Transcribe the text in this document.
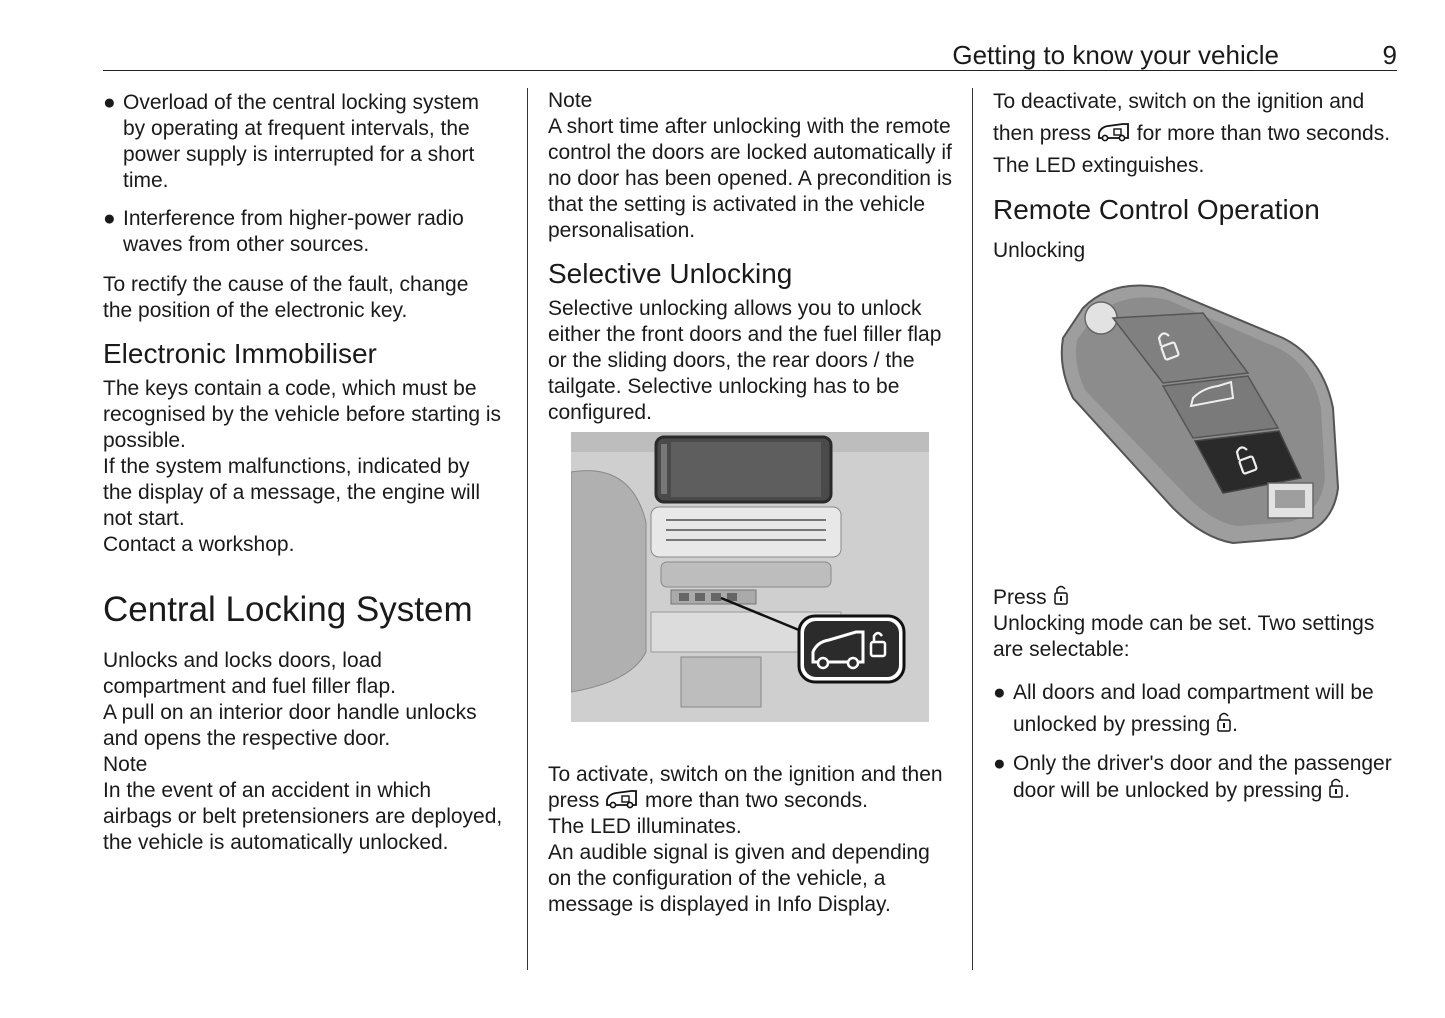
Getting to know your vehicle	9
● Overload of the central locking system by operating at frequent intervals, the power supply is interrupted for a short time.
● Interference from higher-power radio waves from other sources.

To rectify the cause of the fault, change the position of the electronic key.

Electronic Immobiliser

The keys contain a code, which must be recognised by the vehicle before starting is possible.

If the system malfunctions, indicated by the display of a message, the engine will not start.

Contact a workshop.

Central Locking System

Unlocks and locks doors, load compartment and fuel filler flap.

A pull on an interior door handle unlocks and opens the respective door.

Note

In the event of an accident in which airbags or belt pretensioners are deployed, the vehicle is automatically unlocked.

Note

A short time after unlocking with the remote control the doors are locked automatically if no door has been opened. A precondition is that the setting is activated in the vehicle personalisation.

Selective Unlocking

Selective unlocking allows you to unlock either the front doors and the fuel filler flap or the sliding doors, the rear doors / the tailgate. Selective unlocking has to be configured.

To activate, switch on the ignition and then press more than two seconds.

The LED illuminates.

An audible signal is given and depending on the configuration of the vehicle, a message is displayed in Info Display.

To deactivate, switch on the ignition and then press for more than two seconds. The LED extinguishes.

Remote Control Operation

Unlocking

Press

Unlocking mode can be set. Two settings are selectable:

● All doors and load compartment will be unlocked by pressing .
● Only the driver's door and the passenger door will be unlocked by pressing .
